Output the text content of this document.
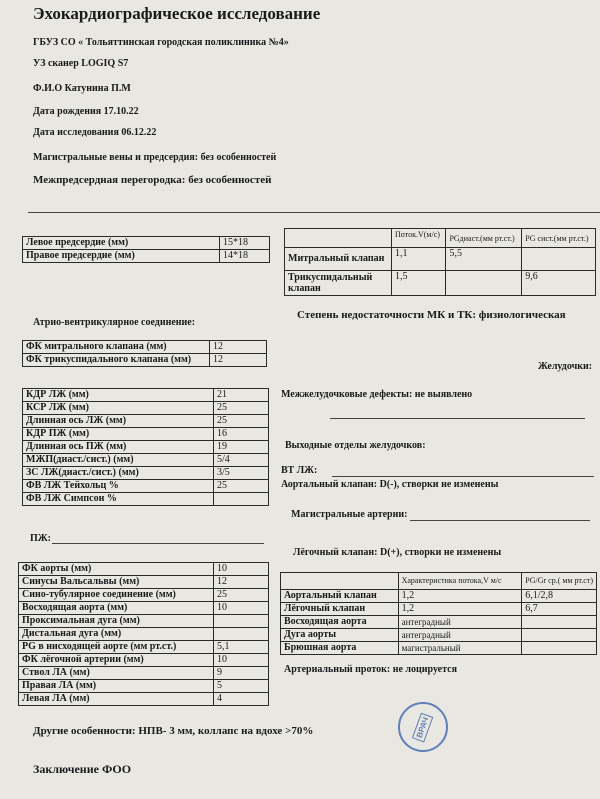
Эхокардиографическое исследование
ГБУЗ СО « Тольяттинская городская поликлиника №4»
УЗ сканер LOGIQ S7
Ф.И.О Катунина П.М
Дата рождения 17.10.22
Дата исследования 06.12.22
Магистральные вены и предсердия: без особенностей
Межпредсердная перегородка: без особенностей
Левое предсердие (мм)	15*18
Правое предсердие (мм)	14*18
	Поток.V(м/с)	PGдиаст.(мм рт.ст.)	PG сист.(мм рт.ст.)
Митральный клапан	1,1	5,5	
Трикуспидальный клапан	1,5		9,6
Атрио-вентрикулярное соединение:
Степень недостаточности МК и ТК: физиологическая
ФК митрального клапана (мм)	12
ФК трикуспидального клапана (мм)	12
Желудочки:
КДР ЛЖ (мм)	21
КСР ЛЖ (мм)	25
Длинная ось ЛЖ (мм)	25
КДР ПЖ (мм)	16
Длинная ось ПЖ (мм)	19
МЖП(диаст./сист.) (мм)	5/4
ЗС ЛЖ(диаст./сист.) (мм)	3/5
ФВ ЛЖ Тейхольц %	25
ФВ ЛЖ Симпсон %	
Межжелудочковые дефекты: не выявлено
Выходные отделы желудочков:
ВТ ЛЖ:
Аортальный клапан: D(-), створки не изменены
Магистральные артерии:
ПЖ:
Лёгочный клапан: D(+), створки не изменены
ФК аорты (мм)	10
Синусы Вальсальвы (мм)	12
Сино-тубулярное соединение (мм)	25
Восходящая аорта (мм)	10
Проксимальная дуга (мм)	
Дистальная дуга (мм)	
PG в нисходящей аорте (мм рт.ст.)	5,1
ФК лёгочной артерии (мм)	10
Ствол ЛА (мм)	9
Правая ЛА (мм)	5
Левая ЛА (мм)	4
	Характеристика потока,V м/с	PG/Gr ср.( мм рт.ст)
Аортальный клапан	1,2	6,1/2,8
Лёгочный клапан	1,2	6,7
Восходящая аорта	антеградный	
Дуга аорты	антеградный	
Брюшная аорта	магистральный	
Артериальный проток: не лоцируется
Другие особенности: НПВ- 3 мм, коллапс на вдохе >70%
Заключение ФОО
ВРАЧ
